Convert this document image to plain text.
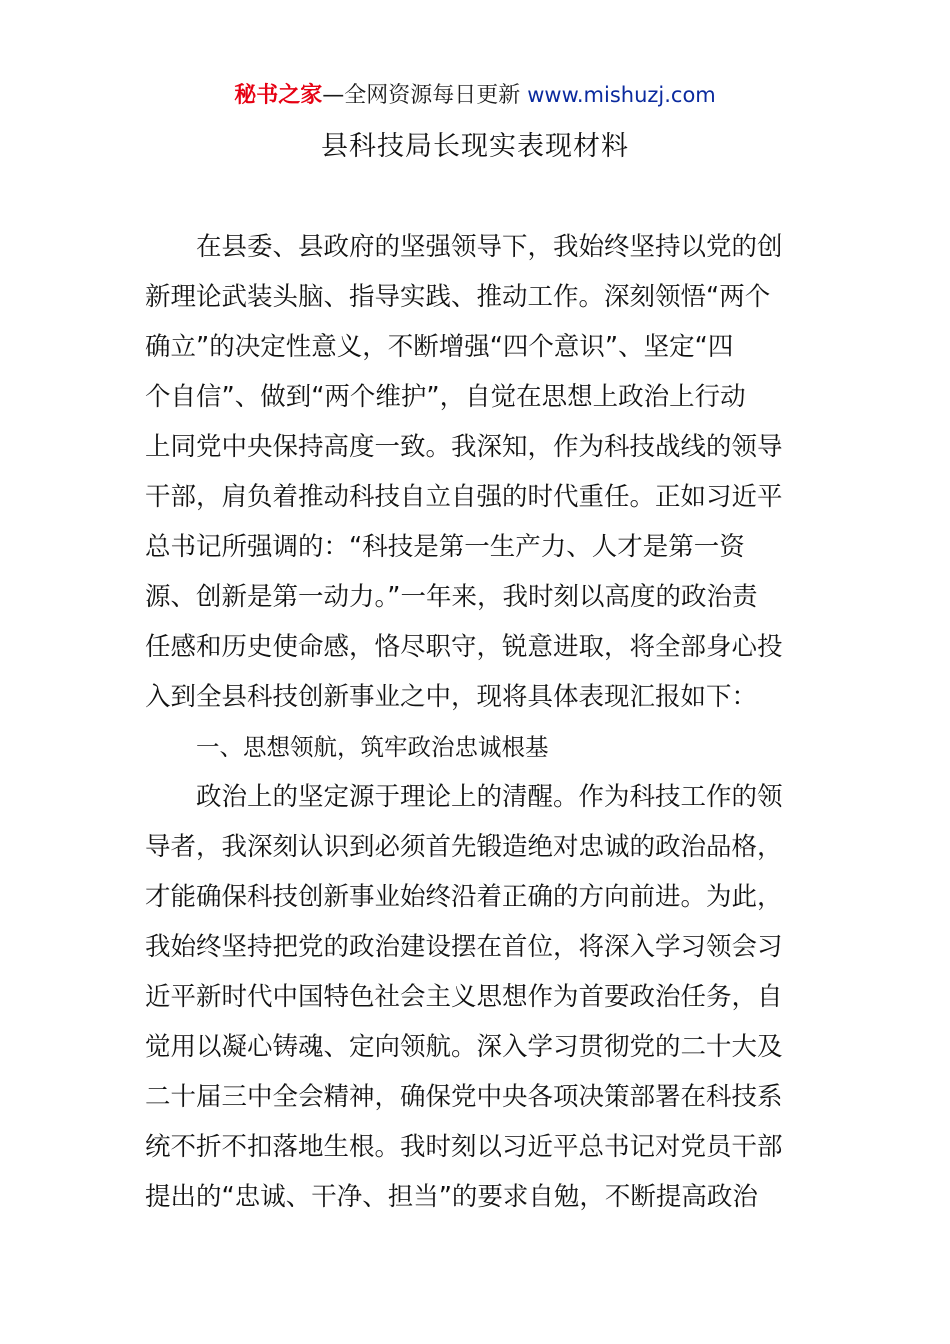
秘书之家—全网资源每日更新 www.mishuzj.com
县科技局长现实表现材料
在县委、县政府的坚强领导下，我始终坚持以党的创
新理论武装头脑、指导实践、推动工作。深刻领悟“两个
确立”的决定性意义，不断增强“四个意识”、坚定“四
个自信”、做到“两个维护”，自觉在思想上政治上行动
上同党中央保持高度一致。我深知，作为科技战线的领导
干部，肩负着推动科技自立自强的时代重任。正如习近平
总书记所强调的：“科技是第一生产力、人才是第一资
源、创新是第一动力。”一年来，我时刻以高度的政治责
任感和历史使命感，恪尽职守，锐意进取，将全部身心投
入到全县科技创新事业之中，现将具体表现汇报如下：
一、思想领航，筑牢政治忠诚根基
政治上的坚定源于理论上的清醒。作为科技工作的领
导者，我深刻认识到必须首先锻造绝对忠诚的政治品格，
才能确保科技创新事业始终沿着正确的方向前进。为此，
我始终坚持把党的政治建设摆在首位，将深入学习领会习
近平新时代中国特色社会主义思想作为首要政治任务，自
觉用以凝心铸魂、定向领航。深入学习贯彻党的二十大及
二十届三中全会精神，确保党中央各项决策部署在科技系
统不折不扣落地生根。我时刻以习近平总书记对党员干部
提出的“忠诚、干净、担当”的要求自勉，不断提高政治
